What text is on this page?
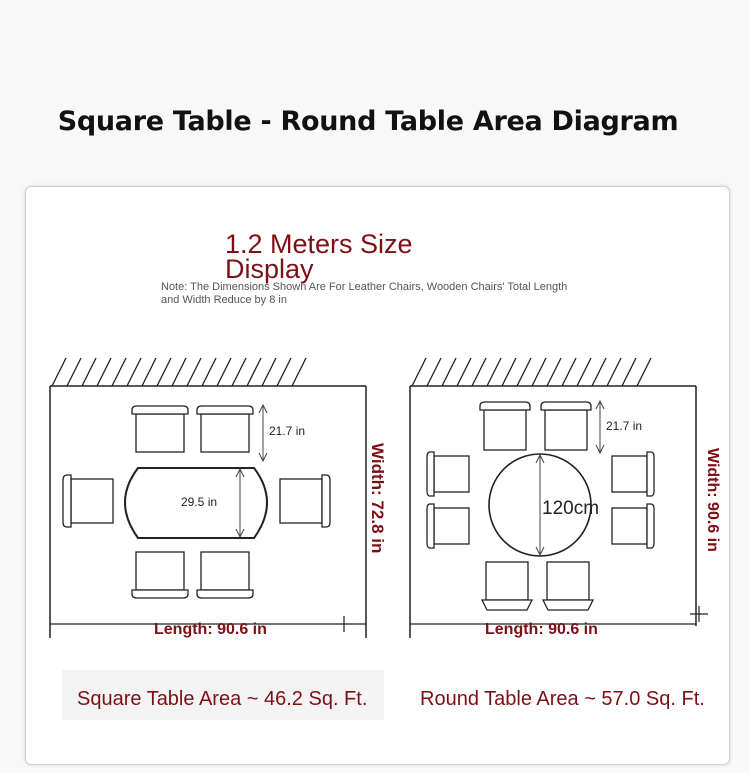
Square Table - Round Table Area Diagram
1.2 Meters Size Display
Note: The Dimensions Shown Are For Leather Chairs, Wooden Chairs' Total Length and Width Reduce by 8 in
21.7 in
29.5 in	Width: 72.8 in
Length: 90.6 in
21.7 in
120cm	Width: 90.6 in
Length: 90.6 in
Square Table Area ~ 46.2 Sq. Ft.	Round Table Area ~ 57.0 Sq. Ft.
